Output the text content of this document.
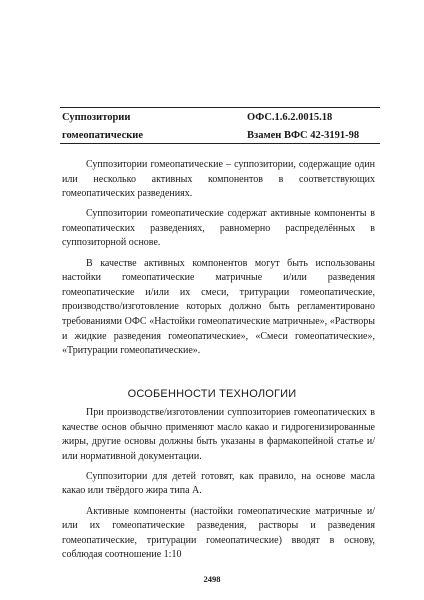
Суппозитории
гомеопатические
ОФС.1.6.2.0015.18
Взамен ВФС 42-3191-98

Суппозитории гомеопатические – суппозитории, содержащие один или несколько активных компонентов в соответствующих гомеопатических разведениях.

Суппозитории гомеопатические содержат активные компоненты в гомеопатических разведениях, равномерно распределённых в суппозиторной основе.

В качестве активных компонентов могут быть использованы настойки гомеопатические матричные и/или разведения гомеопатические и/или их смеси, тритурации гомеопатические, производство/изготовление которых должно быть регламентировано требованиями ОФС «Настойки гомеопатические матричные», «Растворы и жидкие разведения гомеопатические», «Смеси гомеопатические», «Тритурации гомеопатические».

ОСОБЕННОСТИ ТЕХНОЛОГИИ

При производстве/изготовлении суппозиториев гомеопатических в качестве основ обычно применяют масло какао и гидрогенизированные жиры, другие основы должны быть указаны в фармакопейной статье и/или нормативной документации.

Суппозитории для детей готовят, как правило, на основе масла какао или твёрдого жира типа А.

Активные компоненты (настойки гомеопатические матричные и/или их гомеопатические разведения, растворы и разведения гомеопатические, тритурации гомеопатические) вводят в основу, соблюдая соотношение 1:10

2498
